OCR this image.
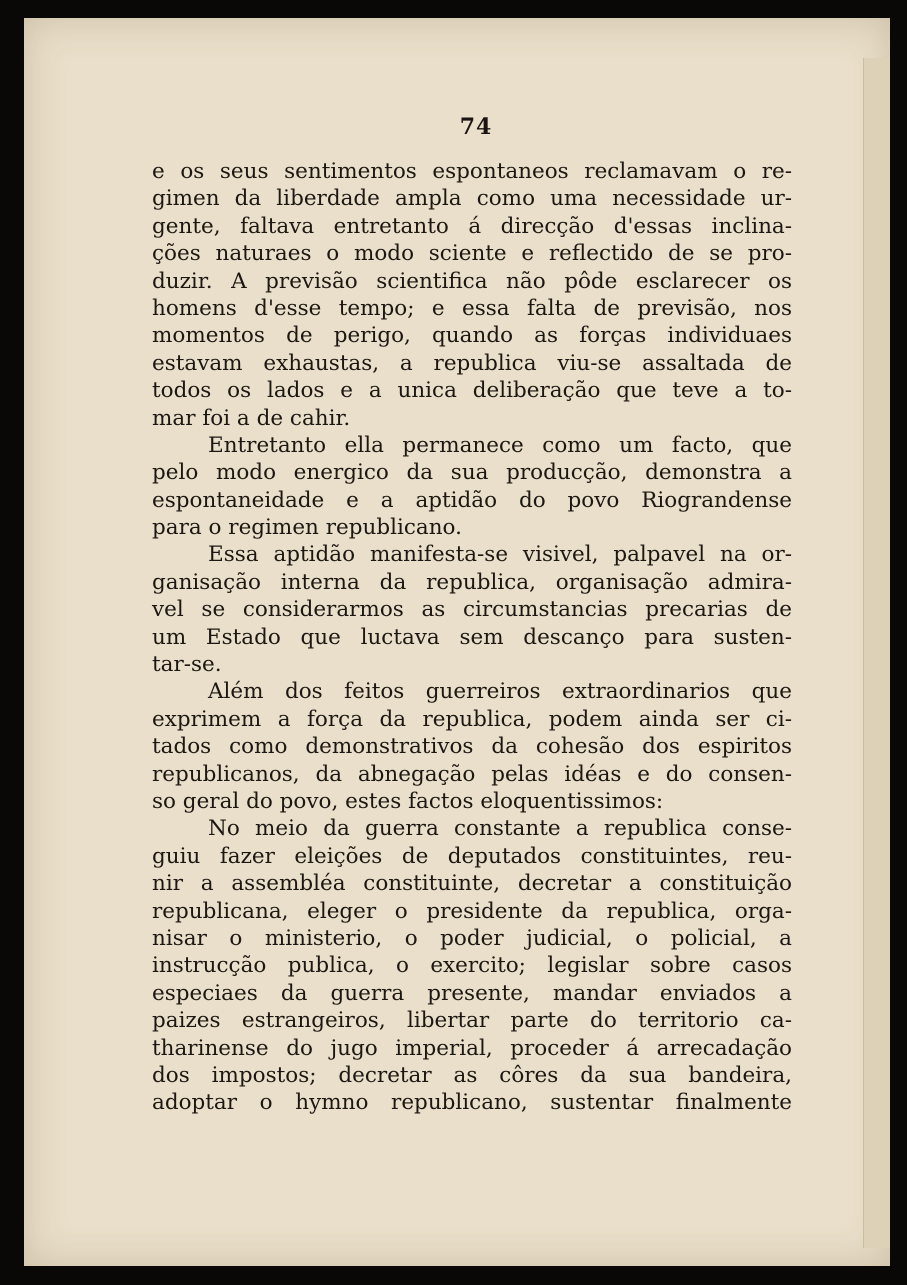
74
e os seus sentimentos espontaneos reclamavam o re-
gimen da liberdade ampla como uma necessidade ur-
gente, faltava entretanto á direcção d'essas inclina-
ções naturaes o modo sciente e reflectido de se pro-
duzir. A previsão scientifica não pôde esclarecer os
homens d'esse tempo; e essa falta de previsão, nos
momentos de perigo, quando as forças individuaes
estavam exhaustas, a republica viu-se assaltada de
todos os lados e a unica deliberação que teve a to-
mar foi a de cahir.
Entretanto ella permanece como um facto, que
pelo modo energico da sua producção, demonstra a
espontaneidade e a aptidão do povo Riograndense
para o regimen republicano.
Essa aptidão manifesta-se visivel, palpavel na or-
ganisação interna da republica, organisação admira-
vel se considerarmos as circumstancias precarias de
um Estado que luctava sem descanço para susten-
tar-se.
Além dos feitos guerreiros extraordinarios que
exprimem a força da republica, podem ainda ser ci-
tados como demonstrativos da cohesão dos espiritos
republicanos, da abnegação pelas idéas e do consen-
so geral do povo, estes factos eloquentissimos:
No meio da guerra constante a republica conse-
guiu fazer eleições de deputados constituintes, reu-
nir a assembléa constituinte, decretar a constituição
republicana, eleger o presidente da republica, orga-
nisar o ministerio, o poder judicial, o policial, a
instrucção publica, o exercito; legislar sobre casos
especiaes da guerra presente, mandar enviados a
paizes estrangeiros, libertar parte do territorio ca-
tharinense do jugo imperial, proceder á arrecadação
dos impostos; decretar as côres da sua bandeira,
adoptar o hymno republicano, sustentar finalmente
